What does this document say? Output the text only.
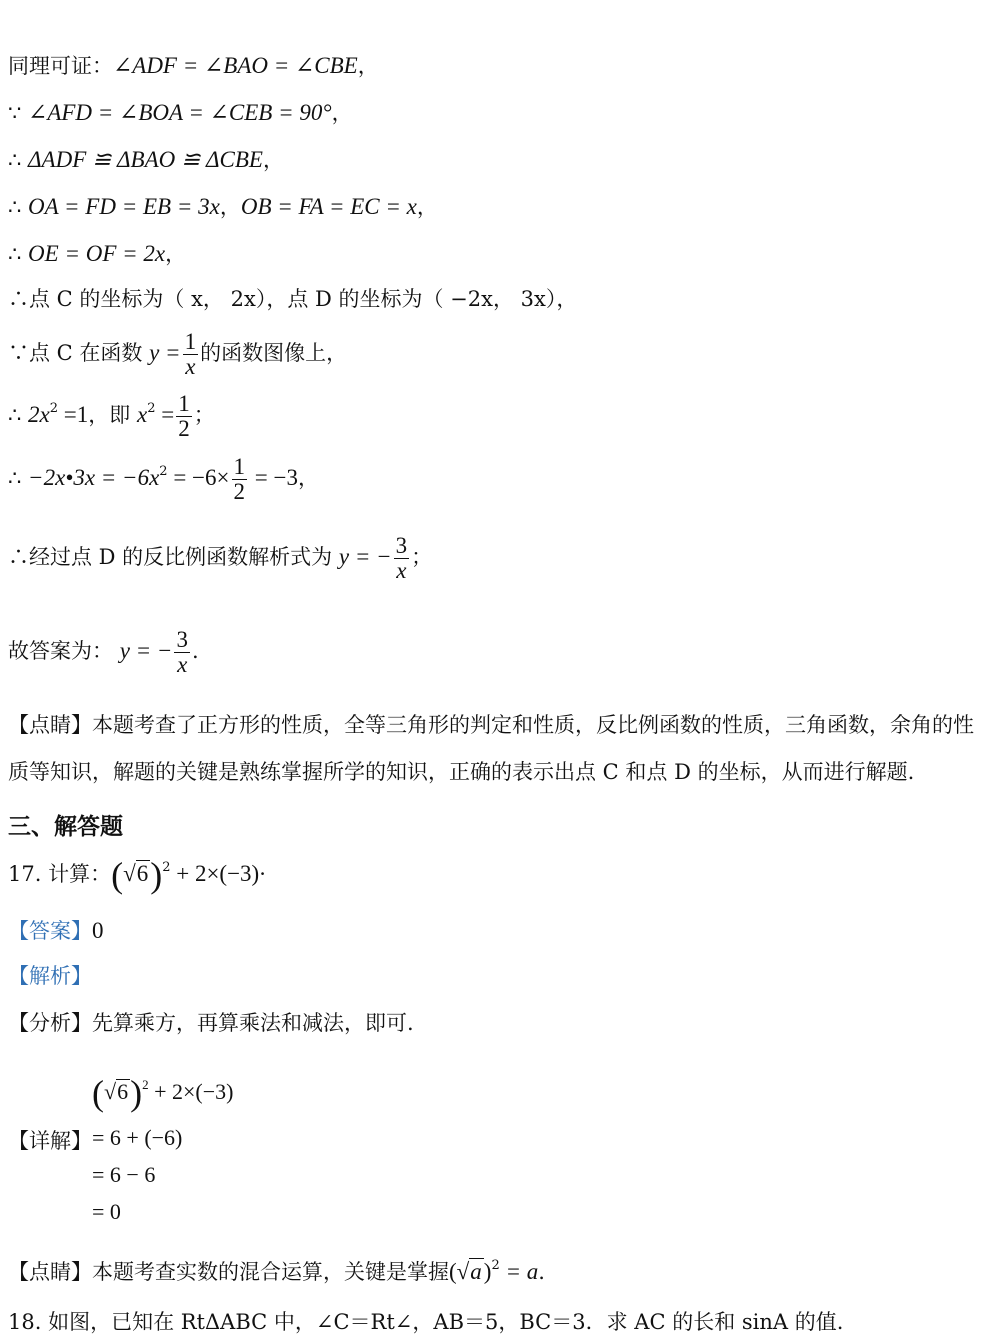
同理可证：∠ADF = ∠BAO = ∠CBE，
∵ ∠AFD = ∠BOA = ∠CEB = 90°，
∴ ΔADF ≌ ΔBAO ≌ ΔCBE，
∴ OA = FD = EB = 3x，OB = FA = EC = x，
∴ OE = OF = 2x，
∴点 C 的坐标为（ x， 2x），点 D 的坐标为（ −2x， 3x），
∵点 C 在函数 $y = \frac{1}{x}$ 的函数图像上，
∴ $2x^2 =1$，即 $x^2 = \frac{1}{2}$ ；
∴ −2x•3x = $-6x^2 = -6\times \frac{1}{2} = -3$，
∴经过点 D 的反比例函数解析式为 y = − $\frac{3}{x}$ ；
故答案为： y = − $\frac{3}{x}$ .
【点睛】本题考查了正方形的性质，全等三角形的判定和性质，反比例函数的性质，三角函数，余角的性
质等知识，解题的关键是熟练掌握所学的知识，正确的表示出点 C 和点 D 的坐标，从而进行解题.
三、解答题
17. 计算：$(√6)^2 + 2\times(-3)\cdot$
【答案】0
【解析】
【分析】先算乘方，再算乘法和减法，即可.
$(√6)^2 + 2\times(-3)$
【详解】 = 6 + (−6)
= 6 − 6
= 0
【点睛】本题考查实数的混合运算，关键是掌握$(√a)^2 = a$.
18. 如图，已知在 RtΔABC 中，∠C＝Rt∠，AB＝5，BC＝3．求 AC 的长和 sinA 的值.
